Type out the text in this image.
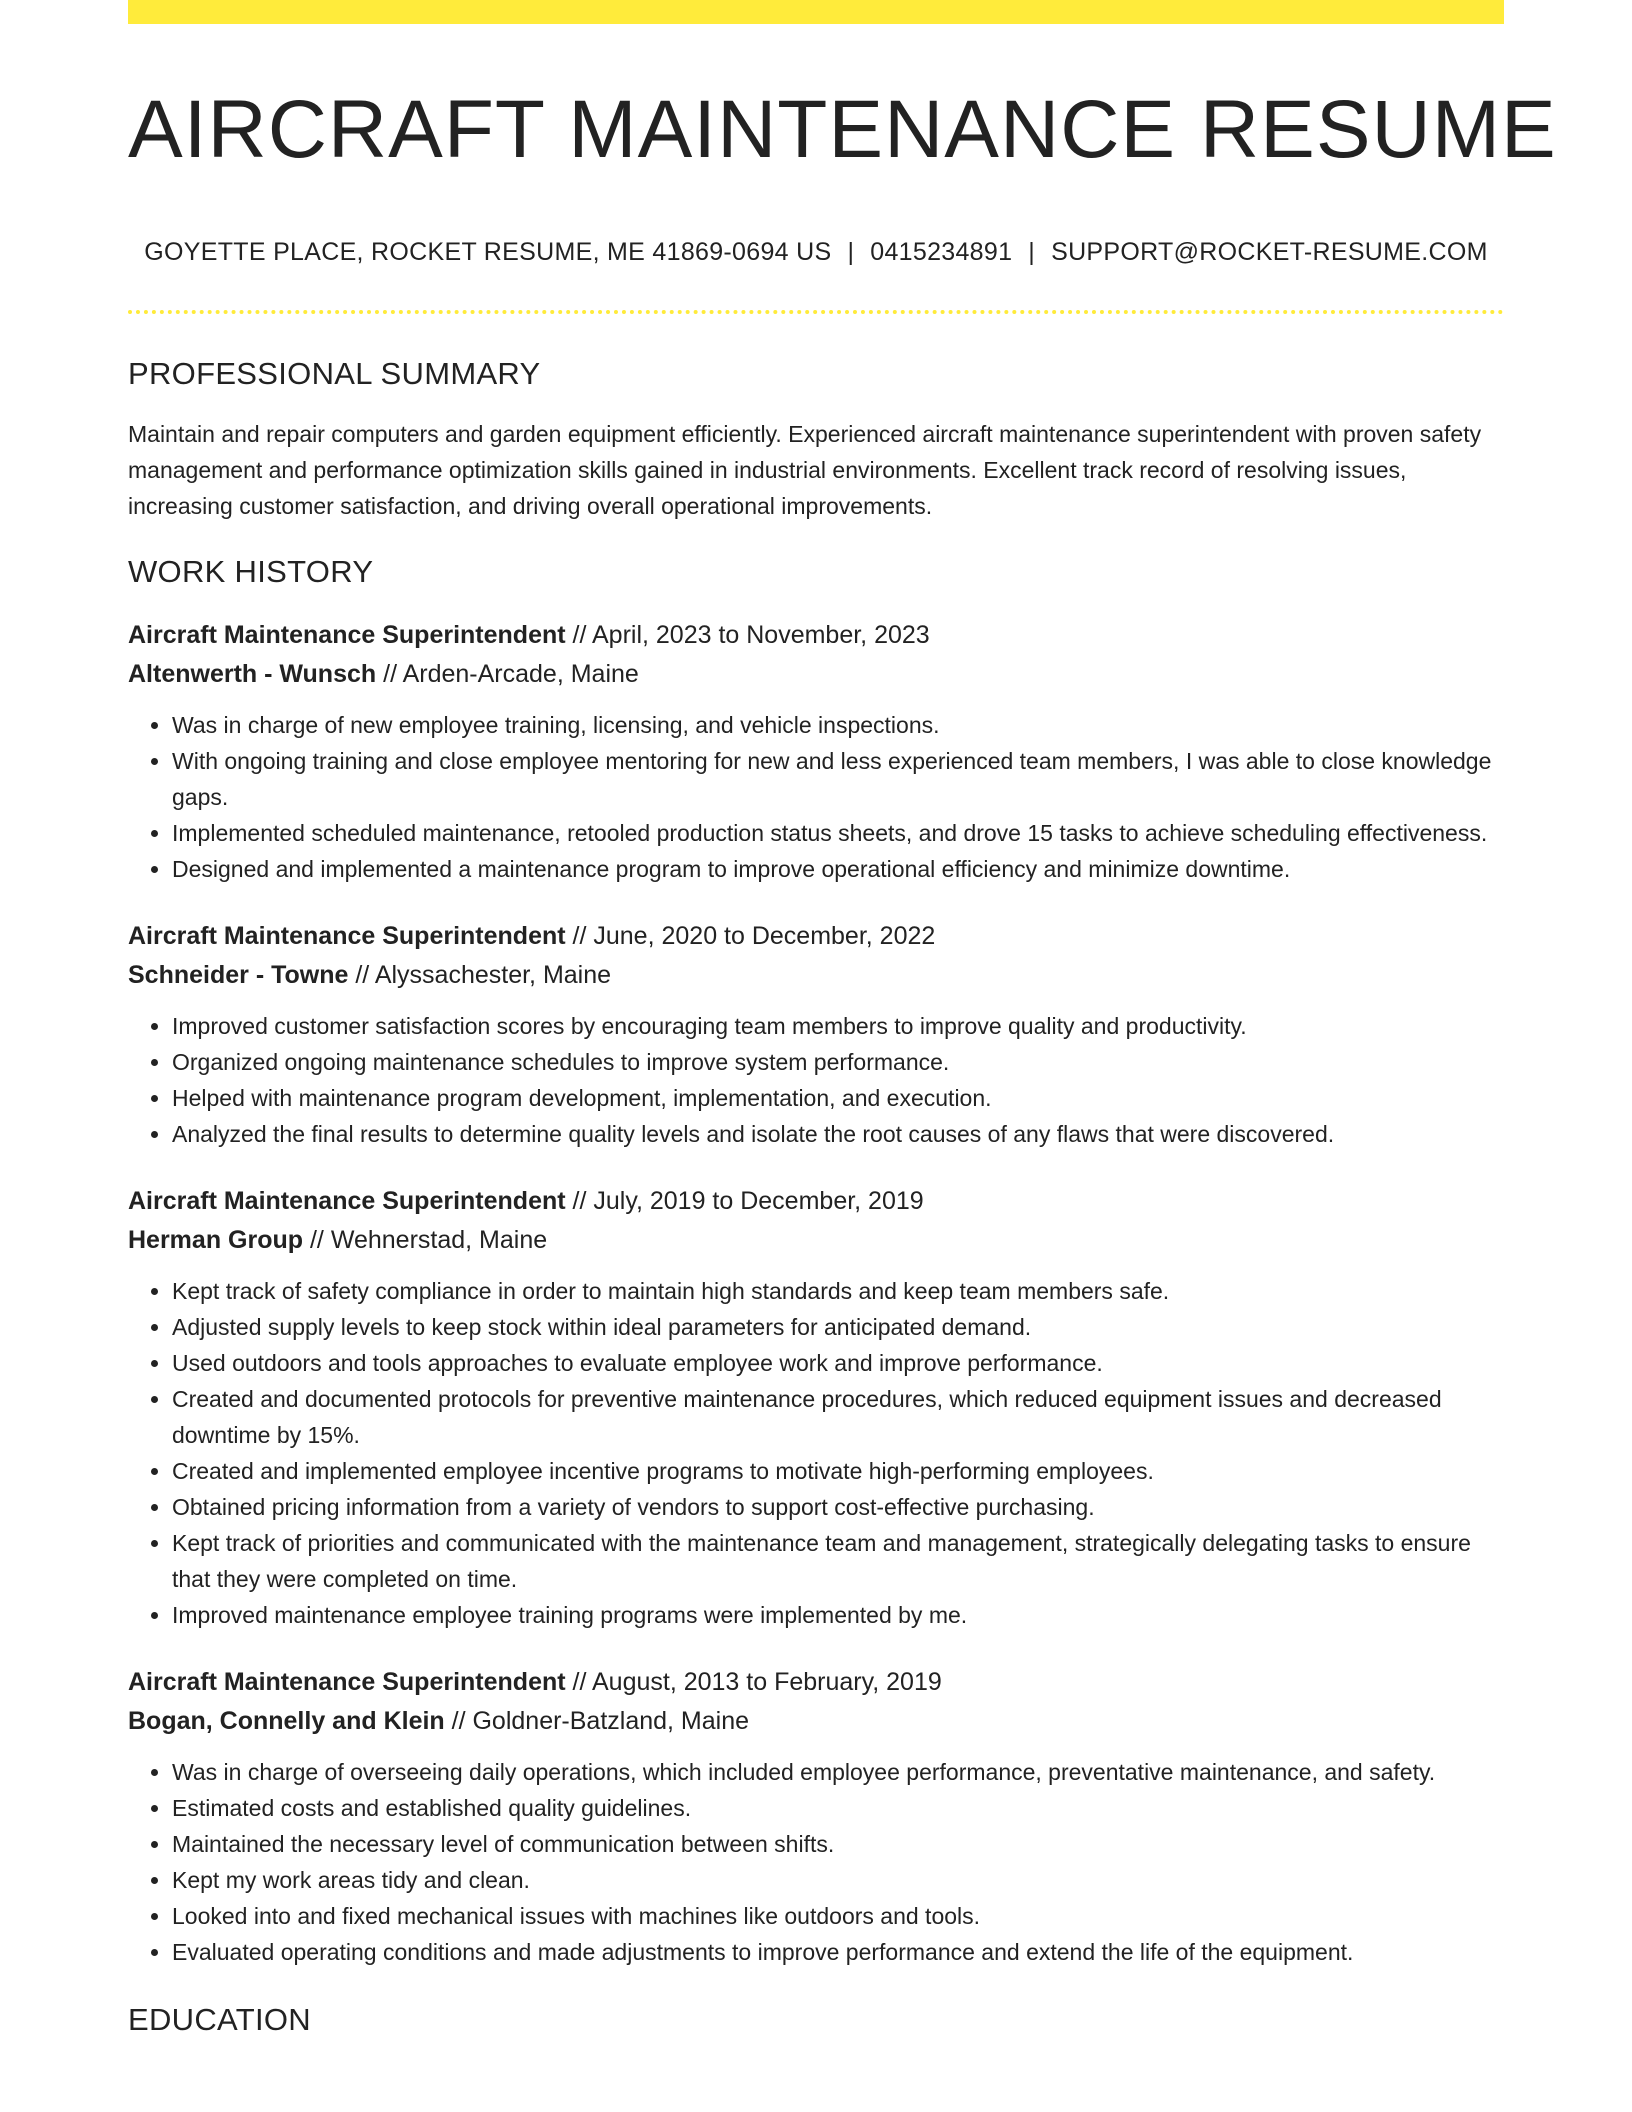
AIRCRAFT MAINTENANCE RESUME
GOYETTE PLACE, ROCKET RESUME, ME 41869-0694 US | 0415234891 | SUPPORT@ROCKET-RESUME.COM
PROFESSIONAL SUMMARY

Maintain and repair computers and garden equipment efficiently. Experienced aircraft maintenance superintendent with proven safety management and performance optimization skills gained in industrial environments. Excellent track record of resolving issues, increasing customer satisfaction, and driving overall operational improvements.

WORK HISTORY
Aircraft Maintenance Superintendent // April, 2023 to November, 2023
Altenwerth - Wunsch // Arden-Arcade, Maine
• Was in charge of new employee training, licensing, and vehicle inspections.
• With ongoing training and close employee mentoring for new and less experienced team members, I was able to close knowledge gaps.
• Implemented scheduled maintenance, retooled production status sheets, and drove 15 tasks to achieve scheduling effectiveness.
• Designed and implemented a maintenance program to improve operational efficiency and minimize downtime.
Aircraft Maintenance Superintendent // June, 2020 to December, 2022
Schneider - Towne // Alyssachester, Maine
• Improved customer satisfaction scores by encouraging team members to improve quality and productivity.
• Organized ongoing maintenance schedules to improve system performance.
• Helped with maintenance program development, implementation, and execution.
• Analyzed the final results to determine quality levels and isolate the root causes of any flaws that were discovered.
Aircraft Maintenance Superintendent // July, 2019 to December, 2019
Herman Group // Wehnerstad, Maine
• Kept track of safety compliance in order to maintain high standards and keep team members safe.
• Adjusted supply levels to keep stock within ideal parameters for anticipated demand.
• Used outdoors and tools approaches to evaluate employee work and improve performance.
• Created and documented protocols for preventive maintenance procedures, which reduced equipment issues and decreased downtime by 15%.
• Created and implemented employee incentive programs to motivate high-performing employees.
• Obtained pricing information from a variety of vendors to support cost-effective purchasing.
• Kept track of priorities and communicated with the maintenance team and management, strategically delegating tasks to ensure that they were completed on time.
• Improved maintenance employee training programs were implemented by me.
Aircraft Maintenance Superintendent // August, 2013 to February, 2019
Bogan, Connelly and Klein // Goldner-Batzland, Maine
• Was in charge of overseeing daily operations, which included employee performance, preventative maintenance, and safety.
• Estimated costs and established quality guidelines.
• Maintained the necessary level of communication between shifts.
• Kept my work areas tidy and clean.
• Looked into and fixed mechanical issues with machines like outdoors and tools.
• Evaluated operating conditions and made adjustments to improve performance and extend the life of the equipment.
EDUCATION
